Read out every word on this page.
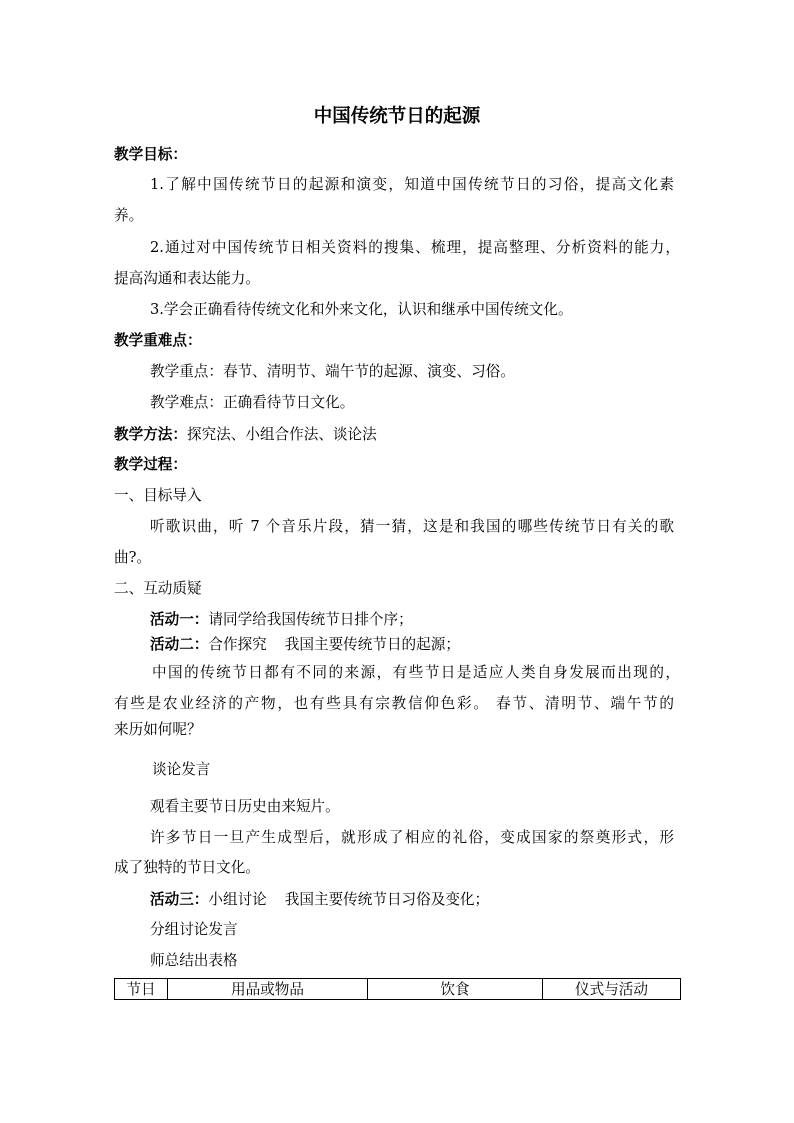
中国传统节日的起源
教学目标：
1.了解中国传统节日的起源和演变，知道中国传统节日的习俗，提高文化素
养。
2.通过对中国传统节日相关资料的搜集、梳理，提高整理、分析资料的能力，
提高沟通和表达能力。
3.学会正确看待传统文化和外来文化，认识和继承中国传统文化。
教学重难点：
教学重点：春节、清明节、端午节的起源、演变、习俗。
教学难点：正确看待节日文化。
教学方法：探究法、小组合作法、谈论法
教学过程：
一、目标导入
听歌识曲，听 7 个音乐片段，猜一猜，这是和我国的哪些传统节日有关的歌
曲?。
二、互动质疑
活动一：请同学给我国传统节日排个序；
活动二：合作探究 我国主要传统节日的起源；
中国的传统节日都有不同的来源，有些节日是适应人类自身发展而出现的，
有些是农业经济的产物，也有些具有宗教信仰色彩。 春节、清明节、端午节的
来历如何呢？
谈论发言
观看主要节日历史由来短片。
许多节日一旦产生成型后，就形成了相应的礼俗，变成国家的祭奠形式，形
成了独特的节日文化。
活动三：小组讨论 我国主要传统节日习俗及变化；
分组讨论发言
师总结出表格
节日	用品或物品	饮食	仪式与活动
